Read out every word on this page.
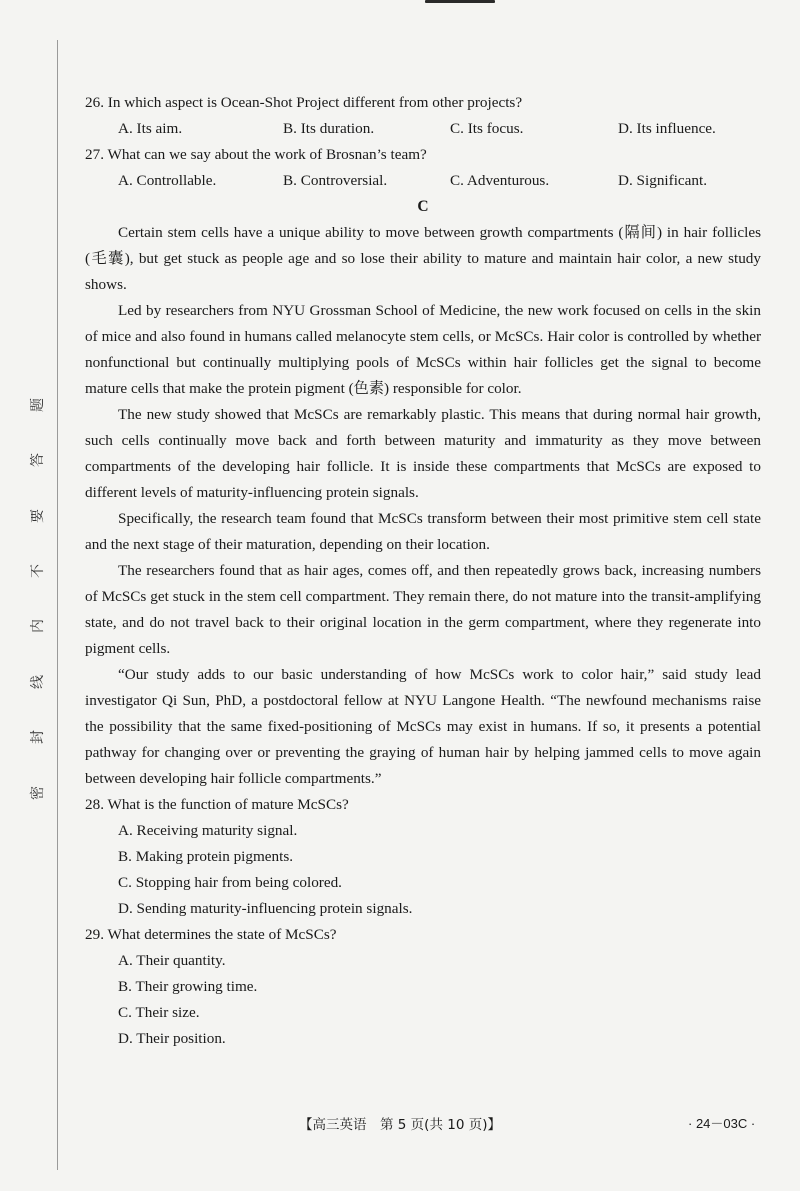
题
答
要
不
内
线
封
密
26. In which aspect is Ocean-Shot Project different from other projects?
A. Its aim.	B. Its duration.	C. Its focus.	D. Its influence.
27. What can we say about the work of Brosnan’s team?
A. Controllable.	B. Controversial.	C. Adventurous.	D. Significant.
C

Certain stem cells have a unique ability to move between growth compartments (隔间) in hair follicles (毛囊), but get stuck as people age and so lose their ability to mature and maintain hair color, a new study shows.

Led by researchers from NYU Grossman School of Medicine, the new work focused on cells in the skin of mice and also found in humans called melanocyte stem cells, or McSCs. Hair color is controlled by whether nonfunctional but continually multiplying pools of McSCs within hair follicles get the signal to become mature cells that make the protein pigment (色素) responsible for color.

The new study showed that McSCs are remarkably plastic. This means that during normal hair growth, such cells continually move back and forth between maturity and immaturity as they move between compartments of the developing hair follicle. It is inside these compartments that McSCs are exposed to different levels of maturity-influencing protein signals.

Specifically, the research team found that McSCs transform between their most primitive stem cell state and the next stage of their maturation, depending on their location.

The researchers found that as hair ages, comes off, and then repeatedly grows back, increasing numbers of McSCs get stuck in the stem cell compartment. They remain there, do not mature into the transit-amplifying state, and do not travel back to their original location in the germ compartment, where they regenerate into pigment cells.

“Our study adds to our basic understanding of how McSCs work to color hair,” said study lead investigator Qi Sun, PhD, a postdoctoral fellow at NYU Langone Health. “The newfound mechanisms raise the possibility that the same fixed-positioning of McSCs may exist in humans. If so, it presents a potential pathway for changing over or preventing the graying of human hair by helping jammed cells to move again between developing hair follicle compartments.”

28. What is the function of mature McSCs?
A. Receiving maturity signal.
B. Making protein pigments.
C. Stopping hair from being colored.
D. Sending maturity-influencing protein signals.
29. What determines the state of McSCs?
A. Their quantity.
B. Their growing time.
C. Their size.
D. Their position.
【高三英语　第 5 页(共 10 页)】	· 24－03C ·
